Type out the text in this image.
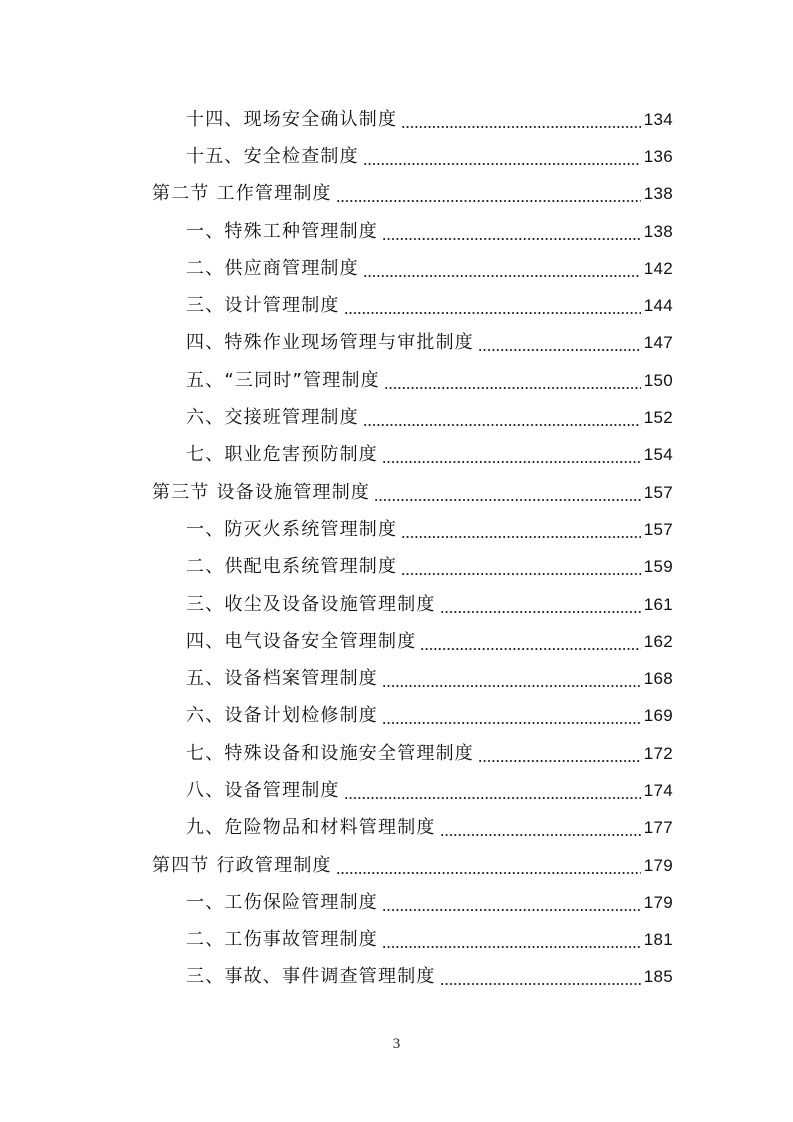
十四、现场安全确认制度	134
十五、安全检查制度	136
第二节 工作管理制度	138
一、特殊工种管理制度	138
二、供应商管理制度	142
三、设计管理制度	144
四、特殊作业现场管理与审批制度	147
五、“三同时”管理制度	150
六、交接班管理制度	152
七、职业危害预防制度	154
第三节 设备设施管理制度	157
一、防灭火系统管理制度	157
二、供配电系统管理制度	159
三、收尘及设备设施管理制度	161
四、电气设备安全管理制度	162
五、设备档案管理制度	168
六、设备计划检修制度	169
七、特殊设备和设施安全管理制度	172
八、设备管理制度	174
九、危险物品和材料管理制度	177
第四节 行政管理制度	179
一、工伤保险管理制度	179
二、工伤事故管理制度	181
三、事故、事件调查管理制度	185
3
